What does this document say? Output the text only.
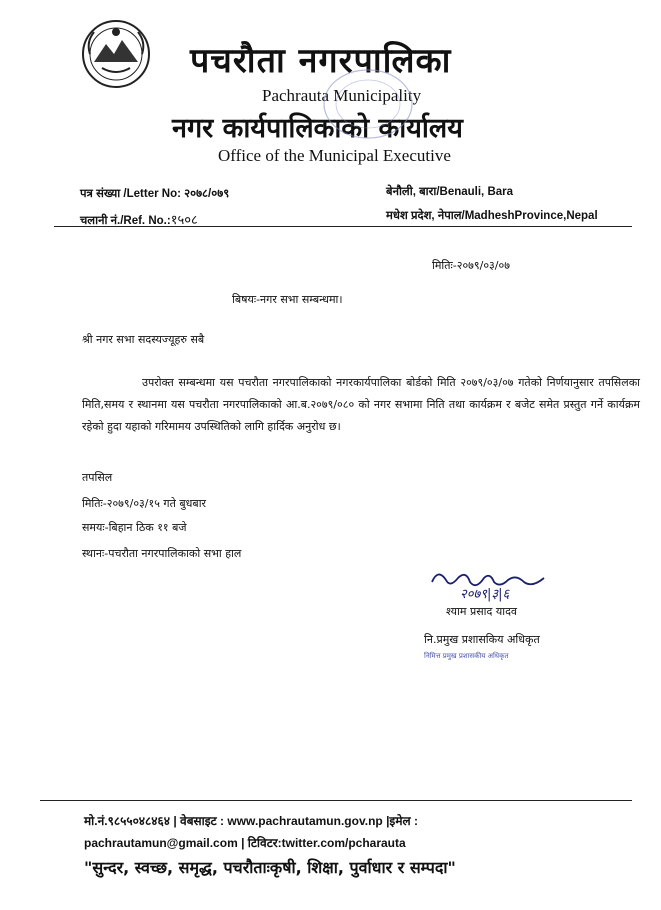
पचरौता नगरपालिका
Pachrauta Municipality
नगर कार्यपालिकाको कार्यालय
Office of the Municipal Executive
पत्र संख्या /Letter No: २०७८/०७९
चलानी नं./Ref. No.:१५०८
बेनौली, बारा/Benauli, Bara
मधेश प्रदेश, नेपाल/MadheshProvince,Nepal
मितिः-२०७९/०३/०७
बिषयः-नगर सभा सम्बन्धमा।
श्री नगर सभा सदस्यज्यूहरु सबै
उपरोक्त सम्बन्धमा यस पचरौता नगरपालिकाको नगरकार्यपालिका बोर्डको मिति २०७९/०३/०७ गतेको निर्णयानुसार तपसिलका मिति,समय र स्थानमा यस पचरौता नगरपालिकाको आ.ब.२०७९/०८० को नगर सभामा निति तथा कार्यक्रम र बजेट समेत प्रस्तुत गर्ने कार्यक्रम रहेको हुदा यहाको गरिमामय उपस्थितिको लागि हार्दिक अनुरोध छ।
तपसिल
मितिः-२०७९/०३/१५ गते बुधबार
समयः-बिहान ठिक ११ बजे
स्थानः-पचरौता नगरपालिकाको सभा हाल
२०७९|३|६
श्याम प्रसाद यादव
नि.प्रमुख प्रशासकिय अधिकृत
निमित्त प्रमुख प्रशासकीय अधिकृत
मो.नं.९८५५०४८४६४ | वेबसाइट : www.pachrautamun.gov.np |इमेल :
pachrautamun@gmail.com | टिविटर:twitter.com/pcharauta
"सुन्दर, स्वच्छ, समृद्ध, पचरौताःकृषी, शिक्षा, पुर्वाधार र सम्पदा"
